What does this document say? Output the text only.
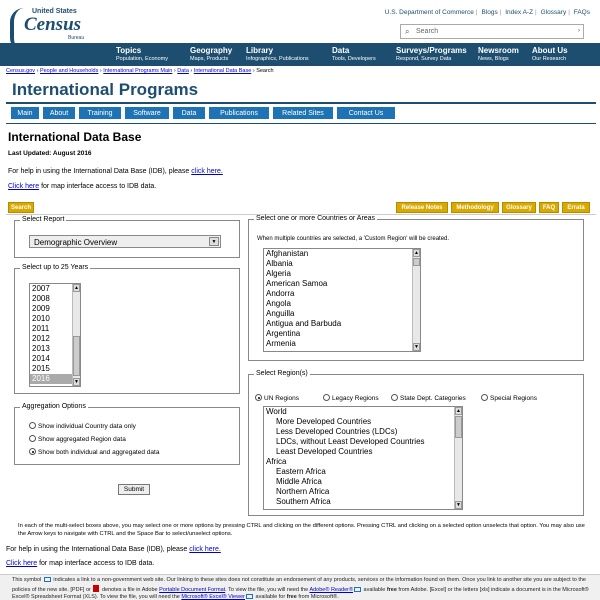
United States
Census
Bureau
U.S. Department of Commerce | Blogs | Index A-Z | Glossary | FAQs
⌕ Search	›
Topics
Population, Economy
Geography
Maps, Products
Library
Infographics, Publications
Data
Tools, Developers
Surveys/Programs
Respond, Survey Data
Newsroom
News, Blogs
About Us
Our Research
Census.gov › People and Households › International Programs Main › Data › International Data Base › Search
International Programs
Main	About	Training	Software	Data	Publications	Related Sites	Contact Us
International Data Base
Last Updated: August 2016
For help in using the International Data Base (IDB), please click here.
Click here for map interface access to IDB data.
Search	Release Notes	Methodology	Glossary	FAQ	Errata
Select Report
Demographic Overview	▼
Select up to 25 Years
2007
2008
2009
2010
2011
2012
2013
2014
2015
2016
▲
▼
Aggregation Options
Show individual Country data only
Show aggregated Region data
Show both individual and aggregated data
Submit
Select one or more Countries or Areas
When multiple countries are selected, a 'Custom Region' will be created.
Afghanistan
Albania
Algeria
American Samoa
Andorra
Angola
Anguilla
Antigua and Barbuda
Argentina
Armenia
▲
▼
Select Region(s)
UN Regions	Legacy Regions	State Dept. Categories	Special Regions
World
More Developed Countries
Less Developed Countries (LDCs)
LDCs, without Least Developed Countries
Least Developed Countries
Africa
Eastern Africa
Middle Africa
Northern Africa
Southern Africa
▲
▼
In each of the multi-select boxes above, you may select one or more options by pressing CTRL and clicking on the different options. Pressing CTRL and clicking on a selected option unselects that option. You may also use the Arrow keys to navigate with CTRL and the Space Bar to select/unselect options.
For help in using the International Data Base (IDB), please click here.
Click here for map interface access to IDB data.
This symbol  indicates a link to a non-government web site. Our linking to these sites does not constitute an endorsement of any products, services or the information found on them. Once you link to another site you are subject to the policies of the new site. [PDF] or  denotes a file in Adobe Portable Document Format. To view the file, you will need the Adobe® Reader® available free from Adobe. [Excel] or the letters [xls] indicate a document is in the Microsoft® Excel® Spreadsheet Format (XLS). To view the file, you will need the Microsoft® Excel® Viewer available for free from Microsoft®.
